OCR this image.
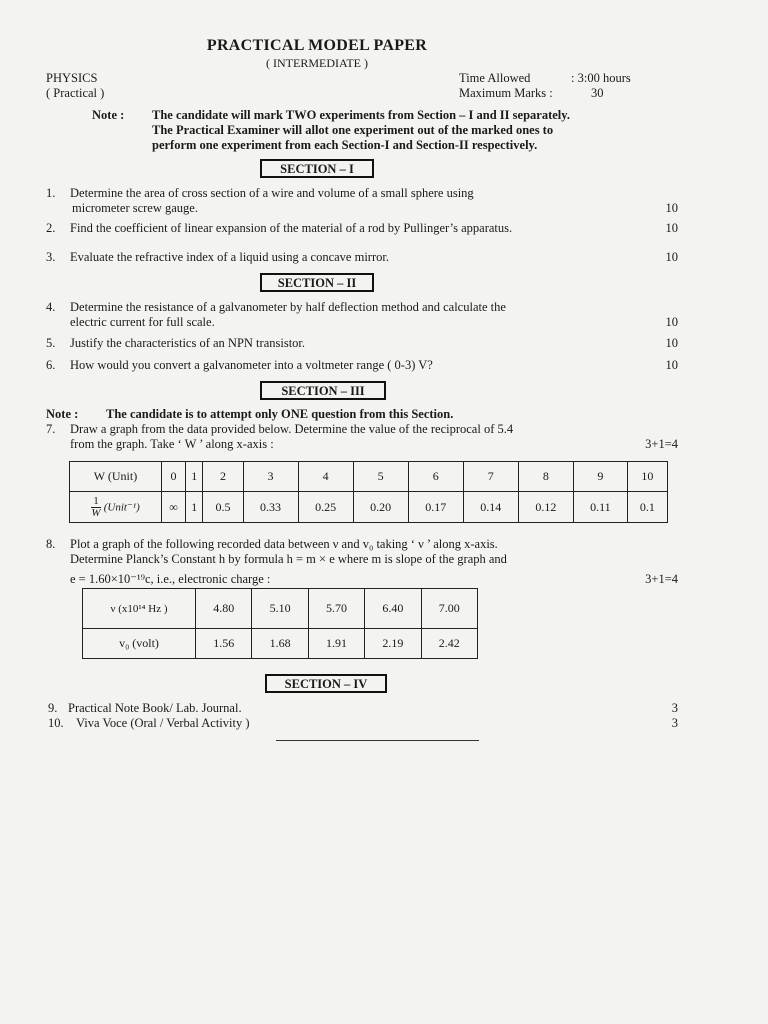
PRACTICAL MODEL PAPER
( INTERMEDIATE )
PHYSICS
( Practical )
Time Allowed	: 3:00 hours
Maximum Marks :	30
Note : The candidate will mark TWO experiments from Section – I and II separately.
The Practical Examiner will allot one experiment out of the marked ones to
perform one experiment from each Section-I and Section-II respectively.
SECTION – I
1. Determine the area of cross section of a wire and volume of a small sphere using
micrometer screw gauge.	10
2. Find the coefficient of linear expansion of the material of a rod by Pullinger’s apparatus.	10
3. Evaluate the refractive index of a liquid using a concave mirror.	10
SECTION – II
4. Determine the resistance of a galvanometer by half deflection method and calculate the
electric current for full scale.	10
5. Justify the characteristics of an NPN transistor.	10
6. How would you convert a galvanometer into a voltmeter range ( 0-3) V?	10
SECTION – III
Note : The candidate is to attempt only ONE question from this Section.
7. Draw a graph from the data provided below. Determine the value of the reciprocal of 5.4
from the graph. Take ‘ W ’ along x-axis :	3+1=4
W (Unit)	0	1	2	3	4	5	6	7	8	9	10

$\frac{1}{W}$ (Unit⁻¹)	∞	1	0.5	0.33	0.25	0.20	0.17	0.14	0.12	0.11	0.1
8. Plot a graph of the following recorded data between ν and v₀ taking ‘ ν ’ along x-axis.
Determine Planck’s Constant h by formula h = m × e where m is slope of the graph and
e = 1.60×10⁻¹⁹c, i.e., electronic charge :	3+1=4
ν (x10¹⁴ Hz )	4.80	5.10	5.70	6.40	7.00
v₀ (volt)	1.56	1.68	1.91	2.19	2.42
SECTION – IV
9. Practical Note Book/ Lab. Journal.	3
10. Viva Voce (Oral / Verbal Activity )	3
